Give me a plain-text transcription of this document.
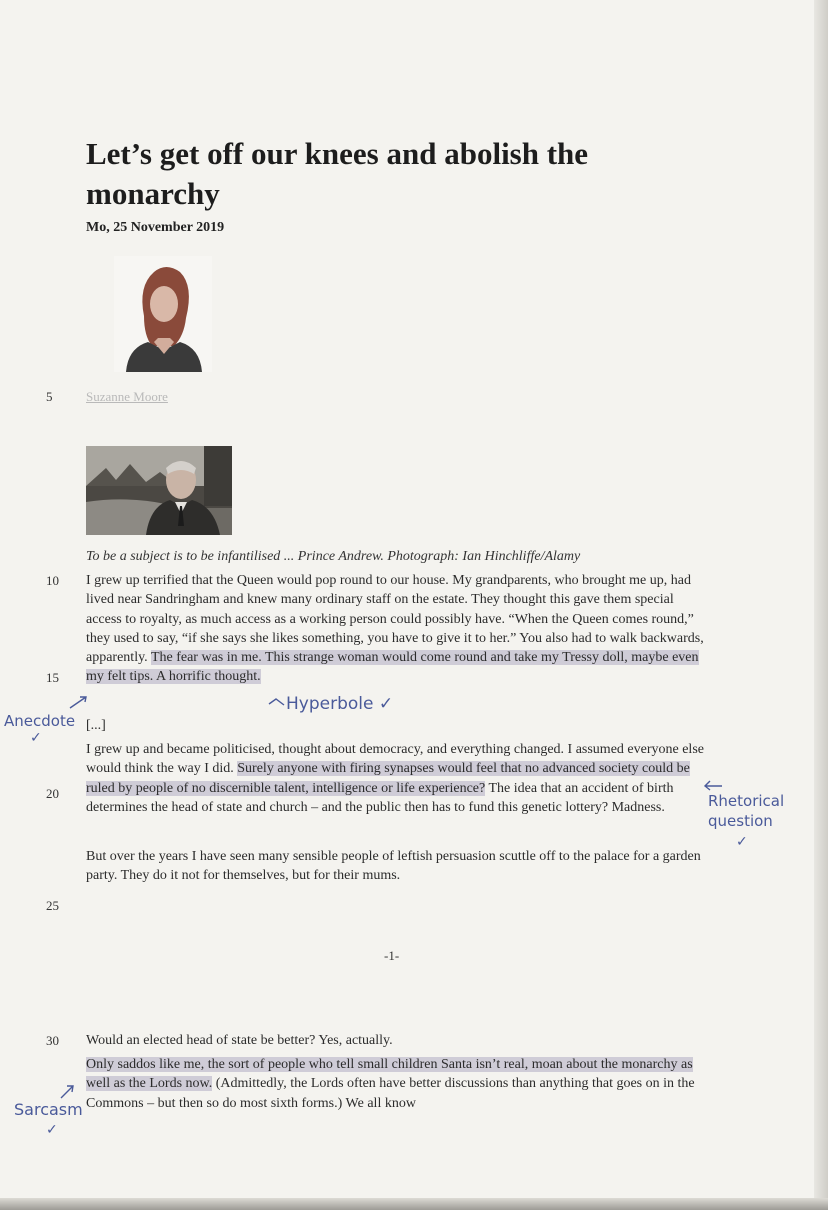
Let’s get off our knees and abolish the monarchy
Mo, 25 November 2019
5	Suzanne Moore
To be a subject is to be infantilised ... Prince Andrew. Photograph: Ian Hinchliffe/Alamy
10	I grew up terrified that the Queen would pop round to our house. My grandparents, who brought me up, had lived near Sandringham and knew many ordinary staff on the estate. They thought this gave them special access to royalty, as much access as a working person could possibly have. “When the Queen comes round,” they used to say, “if she says she likes something, you have to give it to her.” You also had to walk backwards, apparently. The fear was in me. This strange woman would come round and take my Tressy doll, maybe even my felt tips. A horrific thought.

15
Hyperbole ✓
[...]
Anecdote
✓

I grew up and became politicised, thought about democracy, and everything changed. I assumed everyone else would think the way I did. Surely anyone with firing synapses would feel that no advanced society could be ruled by people of no discernible talent, intelligence or life experience? The idea that an accident of birth determines the head of state and church – and the public then has to fund this genetic lottery? Madness.

20	Rhetorical
question
✓

But over the years I have seen many sensible people of leftish persuasion scuttle off to the palace for a garden party. They do it not for themselves, but for their mums.

25
-1-
30	Would an elected head of state be better? Yes, actually.

Only saddos like me, the sort of people who tell small children Santa isn’t real, moan about the monarchy as well as the Lords now. (Admittedly, the Lords often have better discussions than anything that goes on in the Commons – but then so do most sixth forms.) We all know

Sarcasm
✓
